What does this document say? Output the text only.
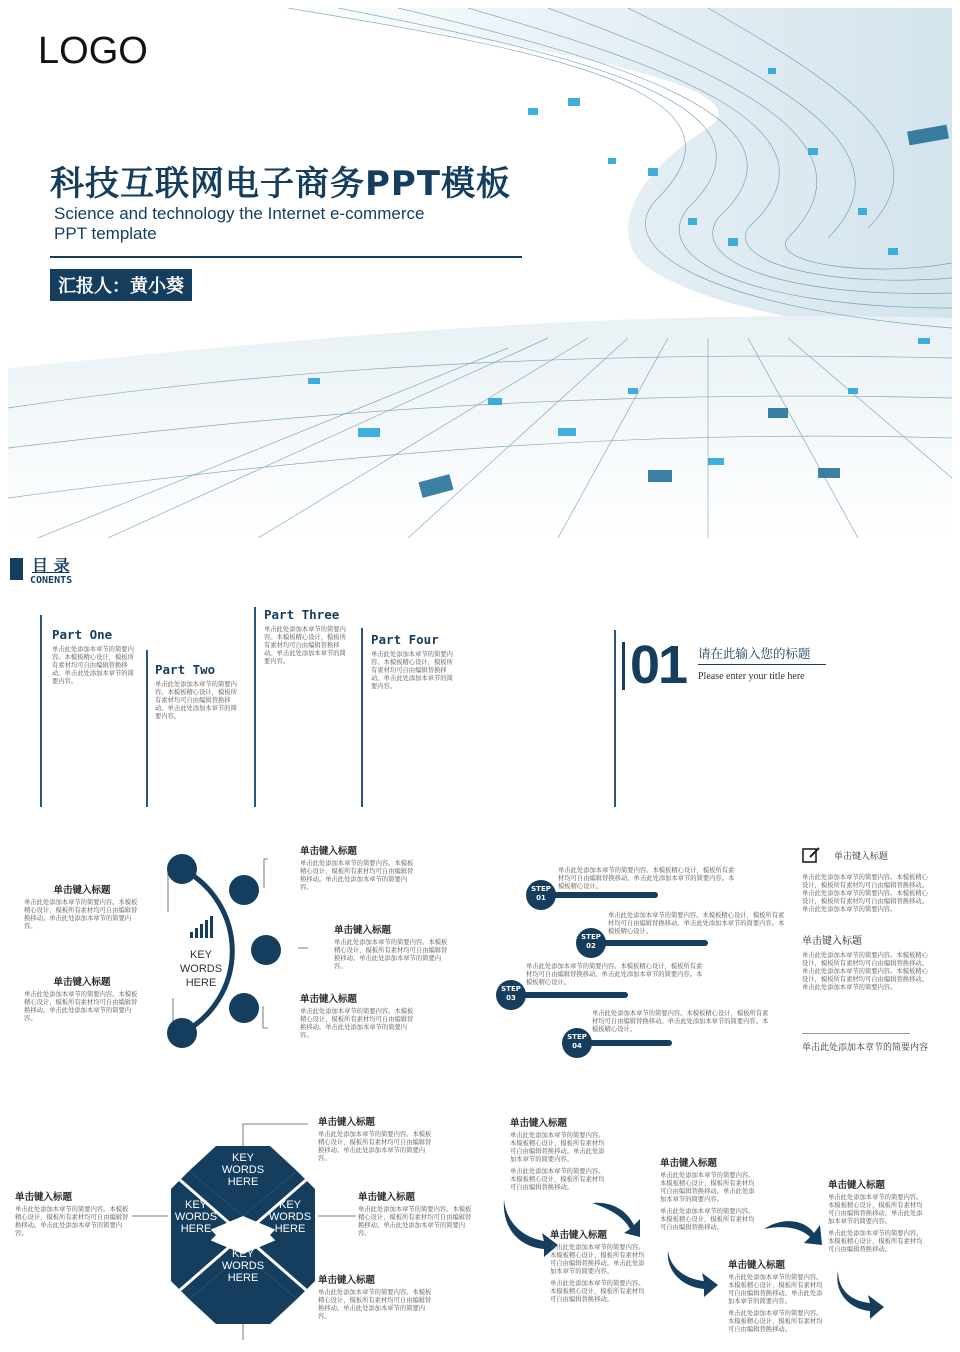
LOGO
科技互联网电子商务PPT模板
Science and technology the Internet e-commerce
PPT template
汇报人：黄小葵
目 录
CONENTS
Part One
单击此处添加本章节的简要内容。本模板精心设计，模板所有素材均可自由编辑替换移动。单击此处添加本章节的简要内容。
Part Two
单击此处添加本章节的简要内容。本模板精心设计，模板所有素材均可自由编辑替换移动。单击此处添加本章节的简要内容。
Part Three
单击此处添加本章节的简要内容。本模板精心设计，模板所有素材均可自由编辑替换移动。单击此处添加本章节的简要内容。
Part Four
单击此处添加本章节的简要内容。本模板精心设计，模板所有素材均可自由编辑替换移动。单击此处添加本章节的简要内容。	01 请在此输入您的标题
Please enter your title here
KEY
WORDS
HERE
单击键入标题
单击此处添加本章节的简要内容。本模板精心设计，模板所有素材均可自由编辑替换移动。单击此处添加本章节的简要内容。
单击键入标题
单击此处添加本章节的简要内容。本模板精心设计，模板所有素材均可自由编辑替换移动。单击此处添加本章节的简要内容。
单击键入标题
单击此处添加本章节的简要内容。本模板精心设计，模板所有素材均可自由编辑替换移动。单击此处添加本章节的简要内容。
单击键入标题
单击此处添加本章节的简要内容。本模板精心设计，模板所有素材均可自由编辑替换移动。单击此处添加本章节的简要内容。
单击键入标题
单击此处添加本章节的简要内容。本模板精心设计，模板所有素材均可自由编辑替换移动。单击此处添加本章节的简要内容。
STEP
01
单击此处添加本章节的简要内容。本模板精心设计，模板所有素材均可自由编辑替换移动。单击此处添加本章节的简要内容。本模板精心设计。
STEP
02
单击此处添加本章节的简要内容。本模板精心设计，模板所有素材均可自由编辑替换移动。单击此处添加本章节的简要内容。本模板精心设计。
STEP
03
单击此处添加本章节的简要内容。本模板精心设计，模板所有素材均可自由编辑替换移动。单击此处添加本章节的简要内容。本模板精心设计。
STEP
04
单击此处添加本章节的简要内容。本模板精心设计，模板所有素材均可自由编辑替换移动。单击此处添加本章节的简要内容。本模板精心设计。
单击键入标题
单击此处添加本章节的简要内容。本模板精心设计，模板所有素材均可自由编辑替换移动。单击此处添加本章节的简要内容。本模板精心设计，模板所有素材均可自由编辑替换移动。单击此处添加本章节的简要内容。
单击键入标题
单击此处添加本章节的简要内容。本模板精心设计，模板所有素材均可自由编辑替换移动。单击此处添加本章节的简要内容。本模板精心设计，模板所有素材均可自由编辑替换移动。单击此处添加本章节的简要内容。
单击此处添加本章节的简要内容
KEY
WORDS
HERE
KEY
WORDS
HERE
KEY
WORDS
HERE
KEY
WORDS
HERE
单击键入标题
单击此处添加本章节的简要内容。本模板精心设计，模板所有素材均可自由编辑替换移动。单击此处添加本章节的简要内容。
单击键入标题
单击此处添加本章节的简要内容。本模板精心设计，模板所有素材均可自由编辑替换移动。单击此处添加本章节的简要内容。
单击键入标题
单击此处添加本章节的简要内容。本模板精心设计，模板所有素材均可自由编辑替换移动。单击此处添加本章节的简要内容。
单击键入标题
单击此处添加本章节的简要内容。本模板精心设计，模板所有素材均可自由编辑替换移动。单击此处添加本章节的简要内容。
单击键入标题
单击此处添加本章节的简要内容。本模板精心设计，模板所有素材均可自由编辑替换移动。单击此处添加本章节的简要内容。
单击此处添加本章节的简要内容。本模板精心设计，模板所有素材均可自由编辑替换移动。
单击键入标题
单击此处添加本章节的简要内容。本模板精心设计，模板所有素材均可自由编辑替换移动。单击此处添加本章节的简要内容。
单击此处添加本章节的简要内容。本模板精心设计，模板所有素材均可自由编辑替换移动。
单击键入标题
单击此处添加本章节的简要内容。本模板精心设计，模板所有素材均可自由编辑替换移动。单击此处添加本章节的简要内容。
单击此处添加本章节的简要内容。本模板精心设计，模板所有素材均可自由编辑替换移动。
单击键入标题
单击此处添加本章节的简要内容。本模板精心设计，模板所有素材均可自由编辑替换移动。单击此处添加本章节的简要内容。
单击此处添加本章节的简要内容。本模板精心设计，模板所有素材均可自由编辑替换移动。
单击键入标题
单击此处添加本章节的简要内容。本模板精心设计，模板所有素材均可自由编辑替换移动。单击此处添加本章节的简要内容。
单击此处添加本章节的简要内容。本模板精心设计，模板所有素材均可自由编辑替换移动。
